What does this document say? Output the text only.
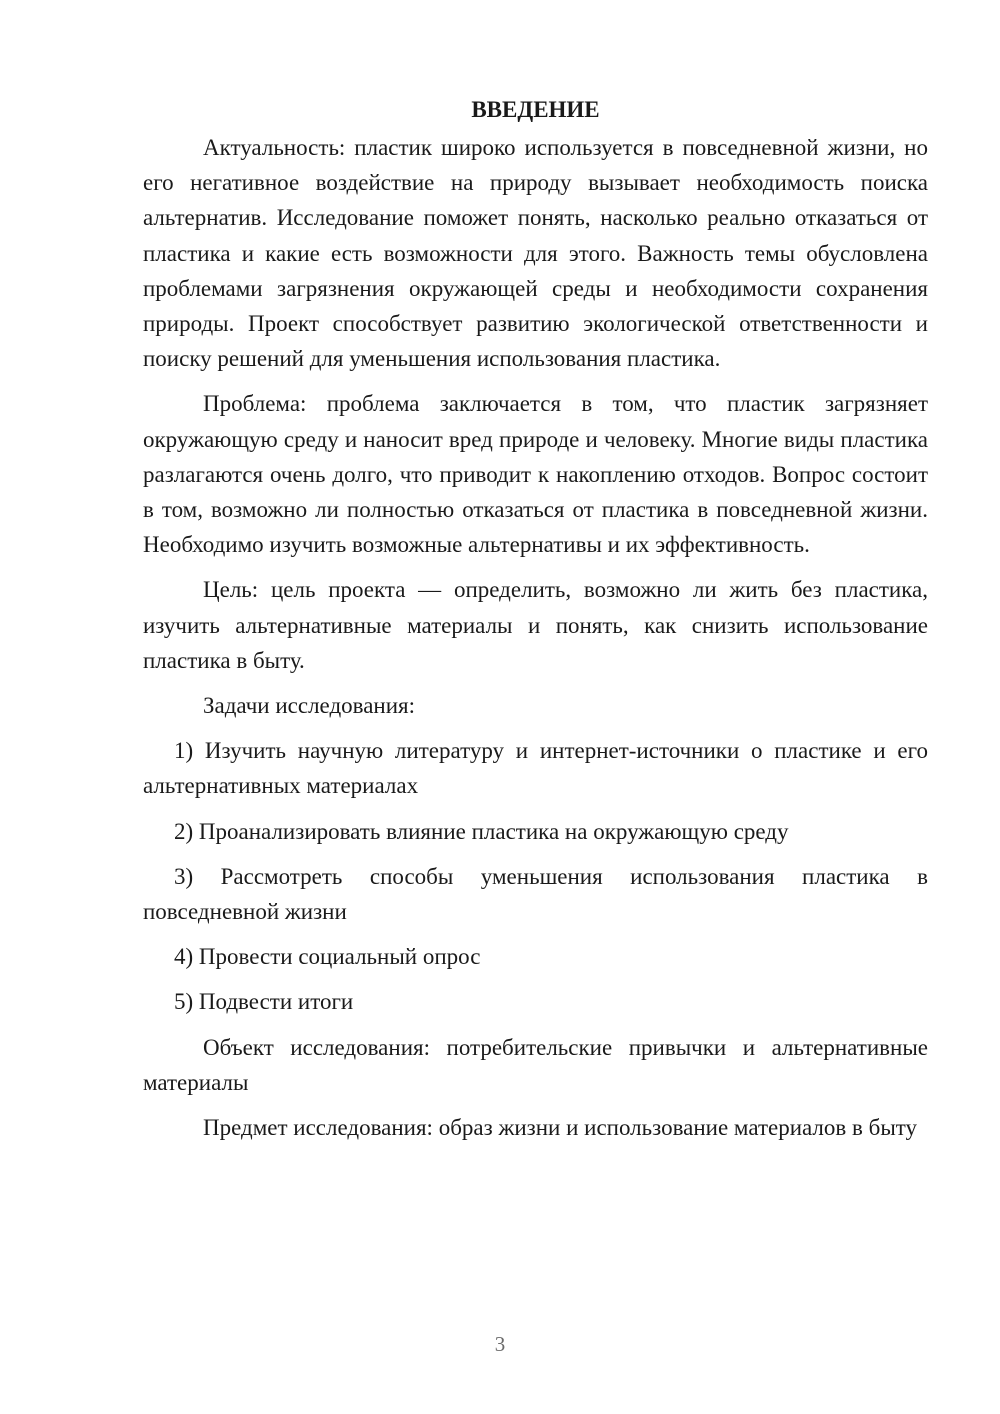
ВВЕДЕНИЕ

Актуальность: пластик широко используется в повседневной жизни, но его негативное воздействие на природу вызывает необходимость поиска альтернатив. Исследование поможет понять, насколько реально отказаться от пластика и какие есть возможности для этого. Важность темы обусловлена проблемами загрязнения окружающей среды и необходимости сохранения природы. Проект способствует развитию экологической ответственности и поиску решений для уменьшения использования пластика.

Проблема: проблема заключается в том, что пластик загрязняет окружающую среду и наносит вред природе и человеку. Многие виды пластика разлагаются очень долго, что приводит к накоплению отходов. Вопрос состоит в том, возможно ли полностью отказаться от пластика в повседневной жизни. Необходимо изучить возможные альтернативы и их эффективность.

Цель: цель проекта — определить, возможно ли жить без пластика, изучить альтернативные материалы и понять, как снизить использование пластика в быту.

Задачи исследования:

1) Изучить научную литературу и интернет-источники о пластике и его альтернативных материалах

2) Проанализировать влияние пластика на окружающую среду

3) Рассмотреть способы уменьшения использования пластика в повседневной жизни

4) Провести социальный опрос

5) Подвести итоги

Объект исследования: потребительские привычки и альтернативные материалы

Предмет исследования: образ жизни и использование материалов в быту

3
